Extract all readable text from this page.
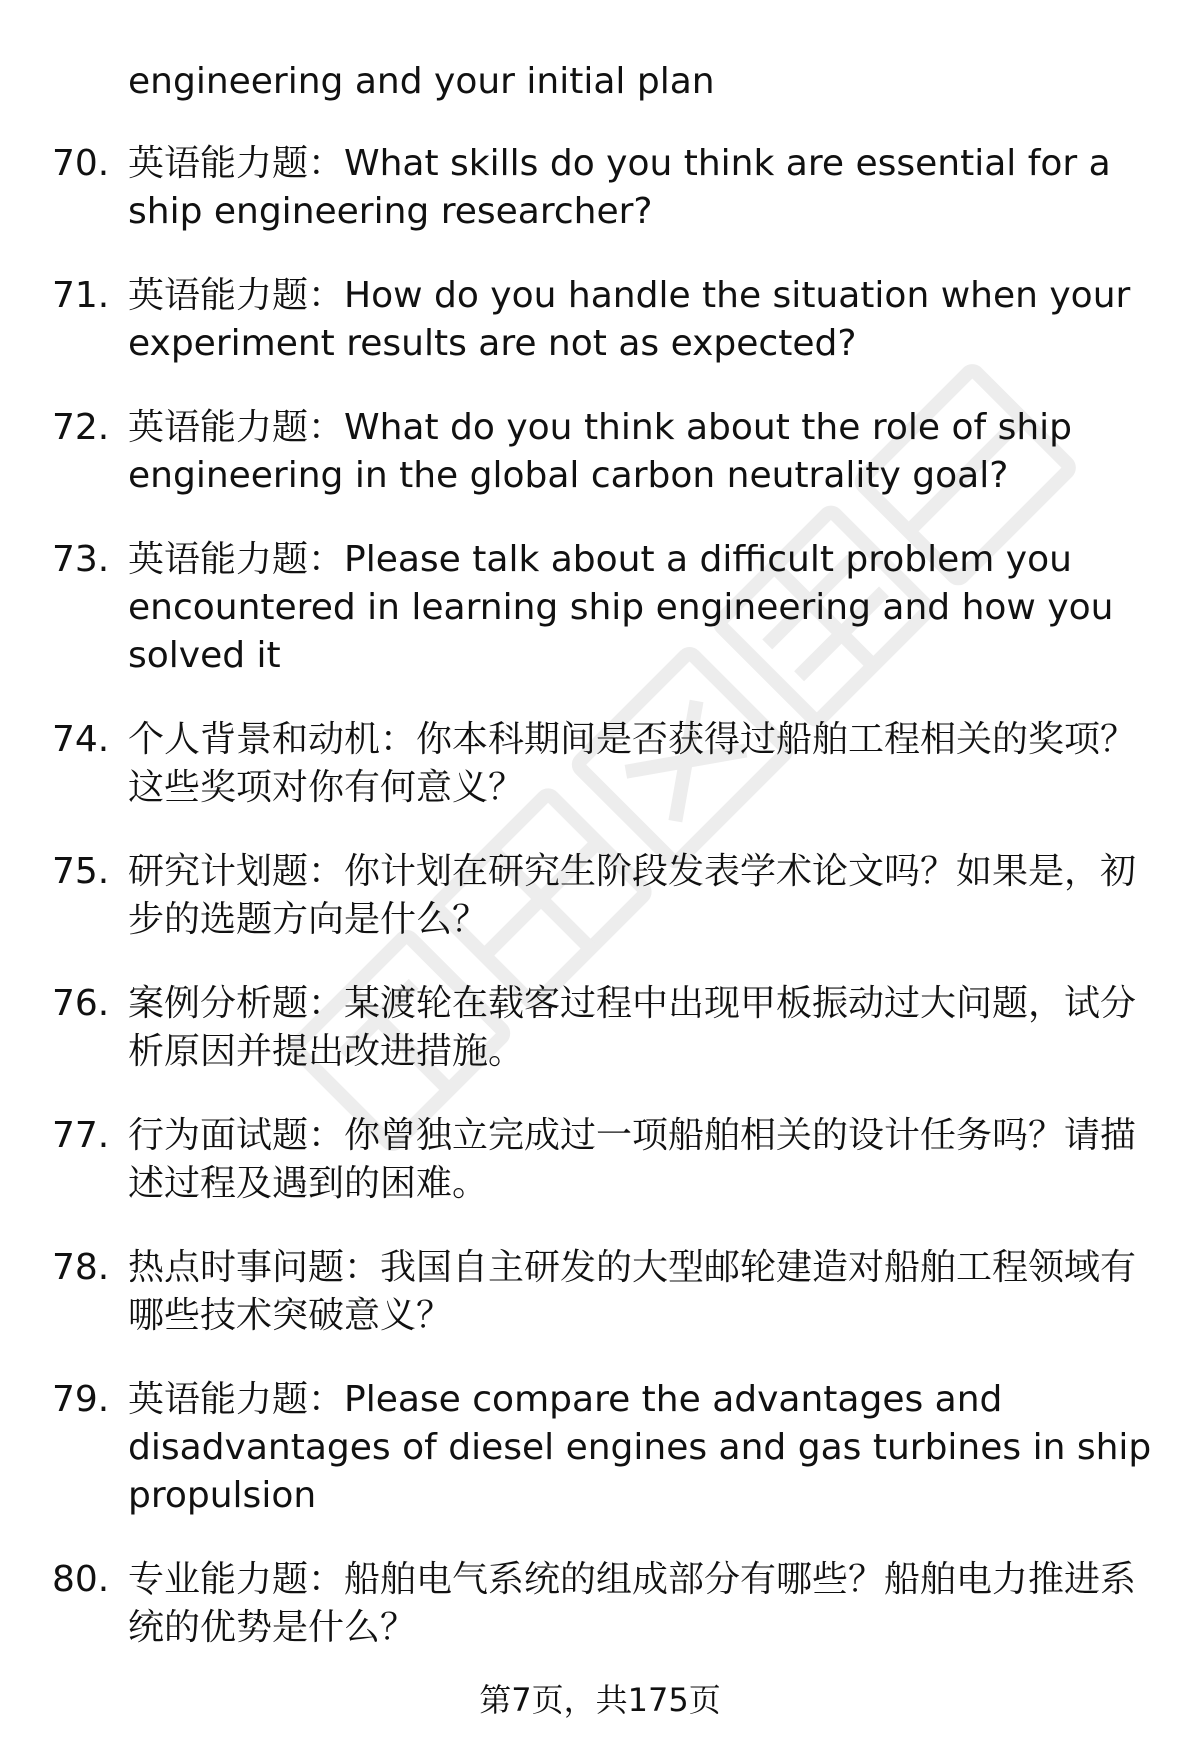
engineering and your initial plan
70. 英语能力题：What skills do you think are essential for a ship engineering researcher?
71. 英语能力题：How do you handle the situation when your experiment results are not as expected?
72. 英语能力题：What do you think about the role of ship engineering in the global carbon neutrality goal?
73. 英语能力题：Please talk about a difficult problem you encountered in learning ship engineering and how you solved it
74. 个人背景和动机：你本科期间是否获得过船舶工程相关的奖项？这些奖项对你有何意义？
75. 研究计划题：你计划在研究生阶段发表学术论文吗？如果是，初步的选题方向是什么？
76. 案例分析题：某渡轮在载客过程中出现甲板振动过大问题，试分析原因并提出改进措施。
77. 行为面试题：你曾独立完成过一项船舶相关的设计任务吗？请描述过程及遇到的困难。
78. 热点时事问题：我国自主研发的大型邮轮建造对船舶工程领域有哪些技术突破意义？
79. 英语能力题：Please compare the advantages and disadvantages of diesel engines and gas turbines in ship propulsion
80. 专业能力题：船舶电气系统的组成部分有哪些？船舶电力推进系统的优势是什么？
第7页，共175页
